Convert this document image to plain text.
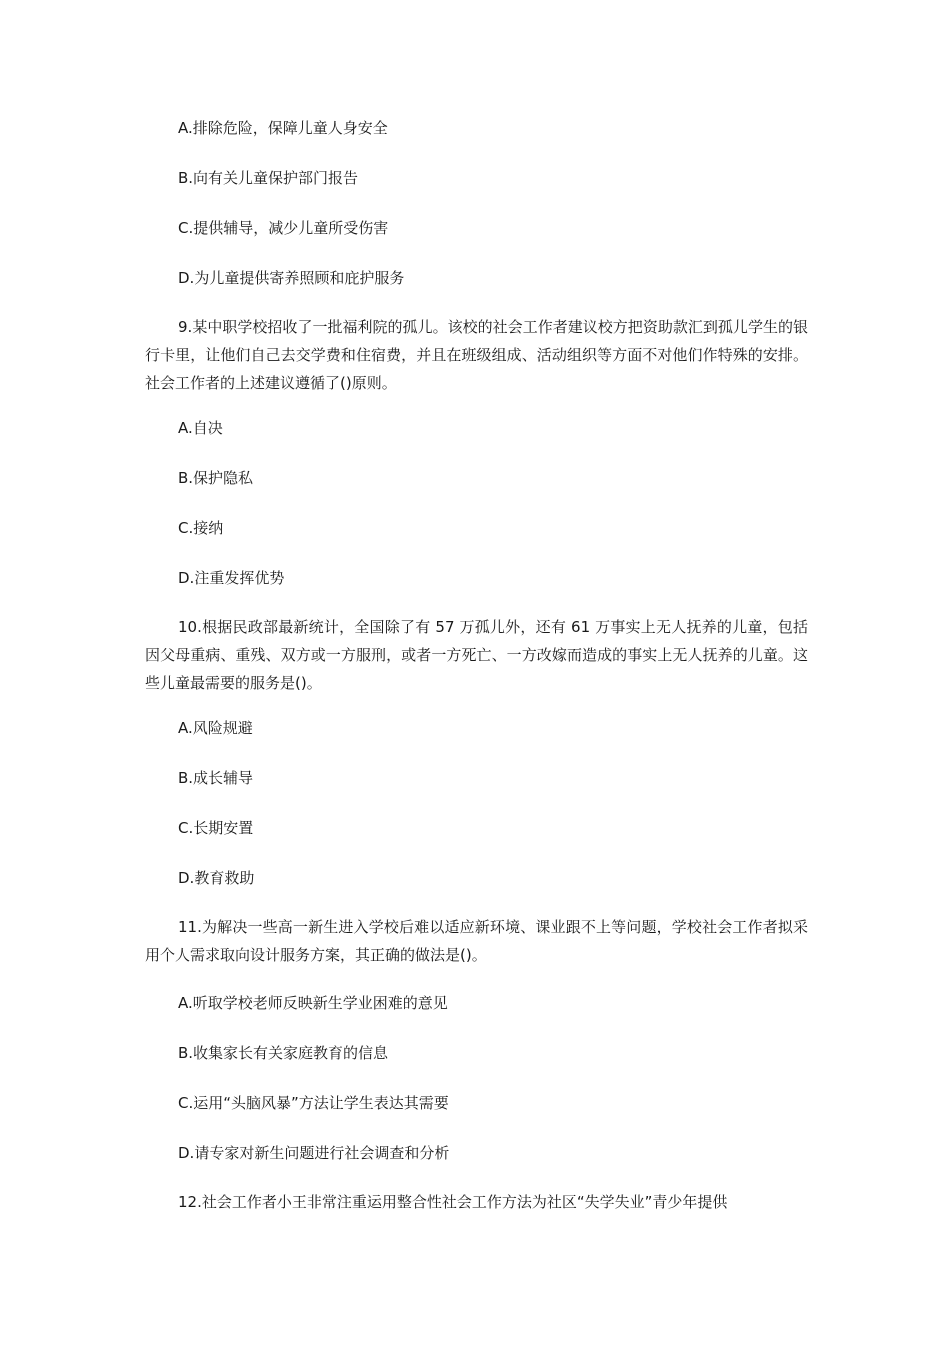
A.排除危险，保障儿童人身安全
B.向有关儿童保护部门报告
C.提供辅导，减少儿童所受伤害
D.为儿童提供寄养照顾和庇护服务
9.某中职学校招收了一批福利院的孤儿。该校的社会工作者建议校方把资助款汇到孤儿学生的银行卡里，让他们自己去交学费和住宿费，并且在班级组成、活动组织等方面不对他们作特殊的安排。社会工作者的上述建议遵循了()原则。
A.自决
B.保护隐私
C.接纳
D.注重发挥优势
10.根据民政部最新统计，全国除了有 57 万孤儿外，还有 61 万事实上无人抚养的儿童，包括因父母重病、重残、双方或一方服刑，或者一方死亡、一方改嫁而造成的事实上无人抚养的儿童。这些儿童最需要的服务是()。
A.风险规避
B.成长辅导
C.长期安置
D.教育救助
11.为解决一些高一新生进入学校后难以适应新环境、课业跟不上等问题，学校社会工作者拟采用个人需求取向设计服务方案，其正确的做法是()。
A.听取学校老师反映新生学业困难的意见
B.收集家长有关家庭教育的信息
C.运用“头脑风暴”方法让学生表达其需要
D.请专家对新生问题进行社会调查和分析
12.社会工作者小王非常注重运用整合性社会工作方法为社区“失学失业”青少年提供
